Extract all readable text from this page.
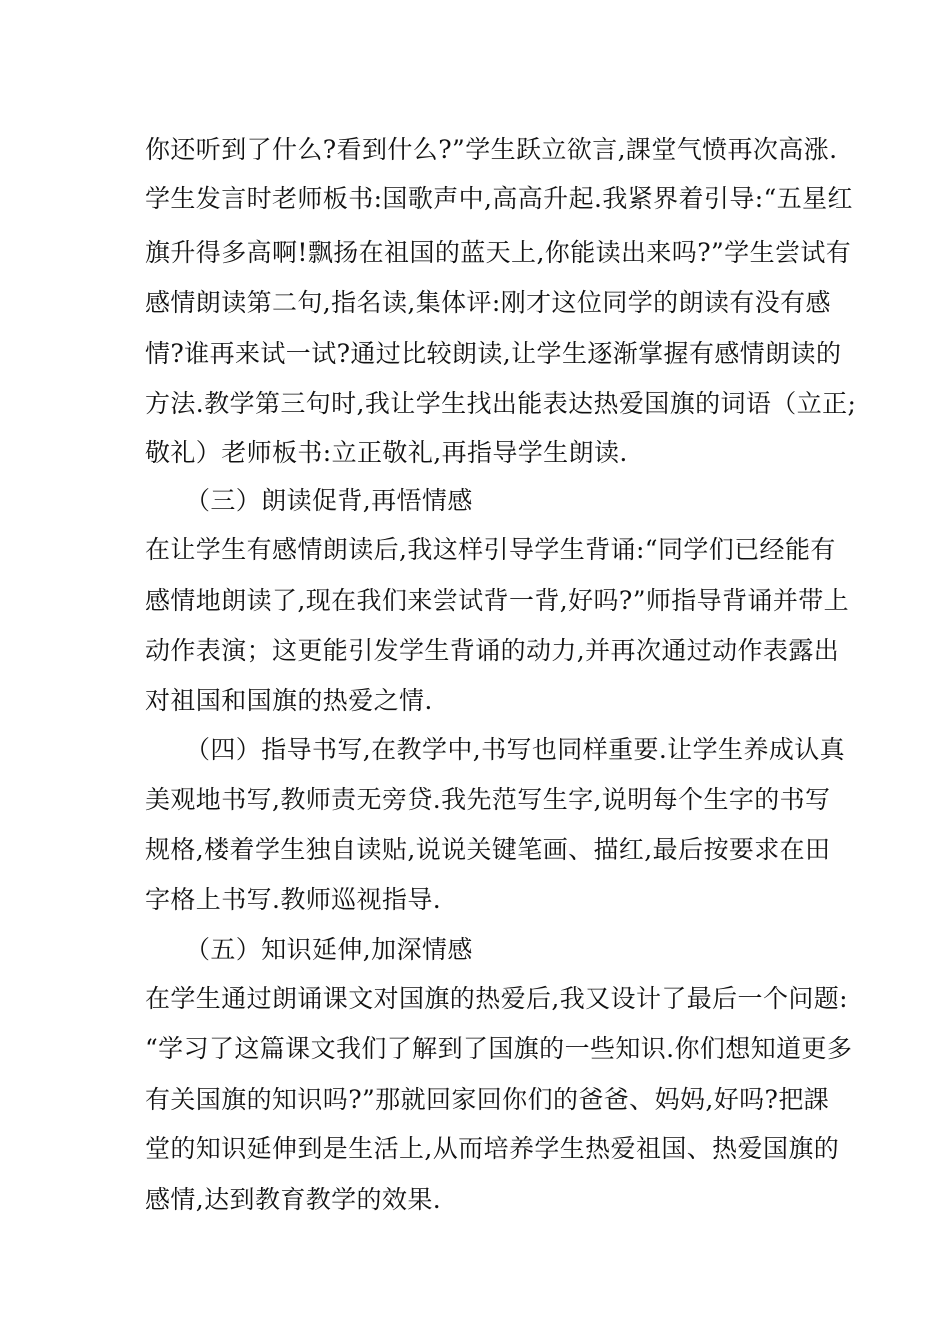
你还听到了什么?看到什么?”学生跃立欲言,課堂气愤再次高涨.
学生发言时老师板书:国歌声中,高高升起.我紧界着引导:“五星红
旗升得多高啊!飘扬在祖国的蓝天上,你能读出来吗?”学生尝试有
感情朗读第二句,指名读,集体评:刚才这位同学的朗读有没有感
情?谁再来试一试?通过比较朗读,让学生逐渐掌握有感情朗读的
方法.教学第三句时,我让学生找出能表达热爱国旗的词语（立正;
敬礼）老师板书:立正敬礼,再指导学生朗读.
（三）朗读促背,再悟情感
在让学生有感情朗读后,我这样引导学生背诵:“同学们已经能有
感情地朗读了,现在我们来尝试背一背,好吗?”师指导背诵并带上
动作表演；这更能引发学生背诵的动力,并再次通过动作表露出
对祖国和国旗的热爱之情.
（四）指导书写,在教学中,书写也同样重要.让学生养成认真
美观地书写,教师责无旁贷.我先范写生字,说明每个生字的书写
规格,楼着学生独自读贴,说说关键笔画、描红,最后按要求在田
字格上书写.教师巡视指导.
（五）知识延伸,加深情感
在学生通过朗诵课文对国旗的热爱后,我又设计了最后一个问题:
“学习了这篇课文我们了解到了国旗的一些知识.你们想知道更多
有关国旗的知识吗?”那就回家回你们的爸爸、妈妈,好吗?把課
堂的知识延伸到是生活上,从而培养学生热爱祖国、热爱国旗的
感情,达到教育教学的效果.
